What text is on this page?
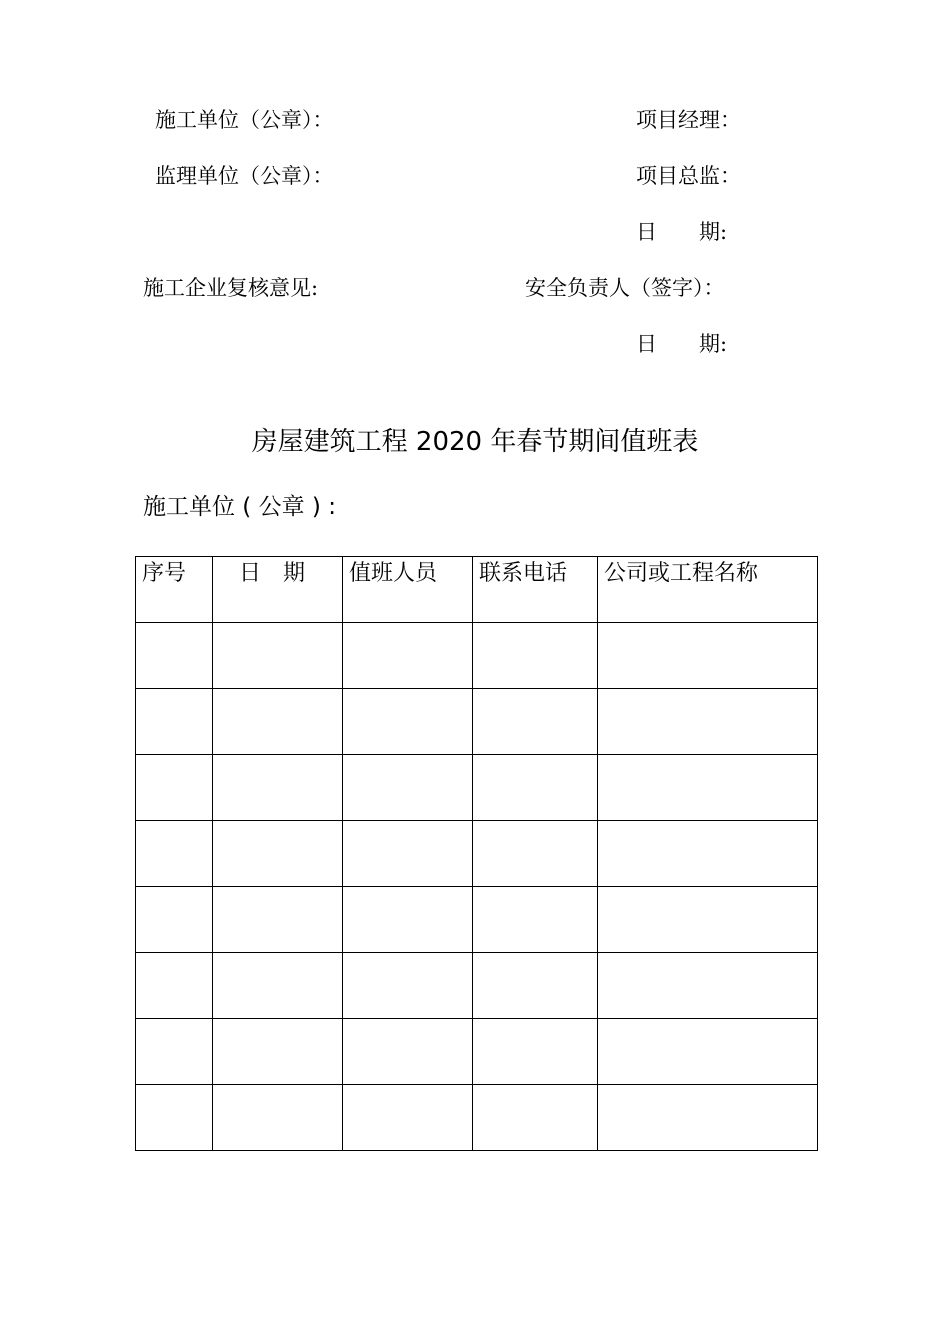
施工单位（公章）：	项目经理：
监理单位（公章）：	项目总监：
日　　期:
施工企业复核意见:	安全负责人（签字）：
日　　期:
房屋建筑工程 2020 年春节期间值班表
施工单位 ( 公章 ) :
序号	日　期	值班人员	联系电话	公司或工程名称
